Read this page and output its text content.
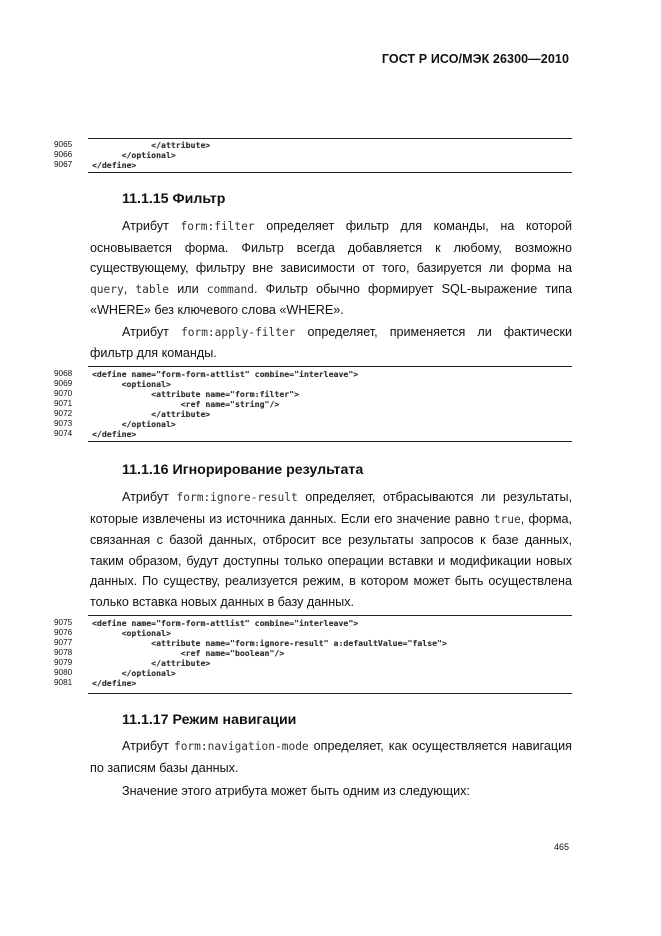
ГОСТ Р ИСО/МЭК 26300—2010
9065	</attribute>
9066	</optional>
9067	</define>
11.1.15 Фильтр
Атрибут form:filter определяет фильтр для команды, на которой основывается форма. Фильтр всегда добавляется к любому, возможно существующему, фильтру вне зависимости от того, базируется ли форма на query, table или command. Фильтр обычно формирует SQL-выражение типа «WHERE» без ключевого слова «WHERE».
Атрибут form:apply-filter определяет, применяется ли фактически фильтр для команды.
9068	<define name="form-form-attlist" combine="interleave">
9069	<optional>
9070	<attribute name="form:filter">
9071	<ref name="string"/>
9072	</attribute>
9073	</optional>
9074	</define>
11.1.16 Игнорирование результата
Атрибут form:ignore-result определяет, отбрасываются ли результаты, которые извлечены из источника данных. Если его значение равно true, форма, связанная с базой данных, отбросит все результаты запросов к базе данных, таким образом, будут доступны только операции вставки и модификации новых данных. По существу, реализуется режим, в котором может быть осуществлена только вставка новых данных в базу данных.
9075	<define name="form-form-attlist" combine="interleave">
9076	<optional>
9077	<attribute name="form:ignore-result" a:defaultValue="false">
9078	<ref name="boolean"/>
9079	</attribute>
9080	</optional>
9081	</define>
11.1.17 Режим навигации
Атрибут form:navigation-mode определяет, как осуществляется навигация по записям базы данных.
Значение этого атрибута может быть одним из следующих:
465
